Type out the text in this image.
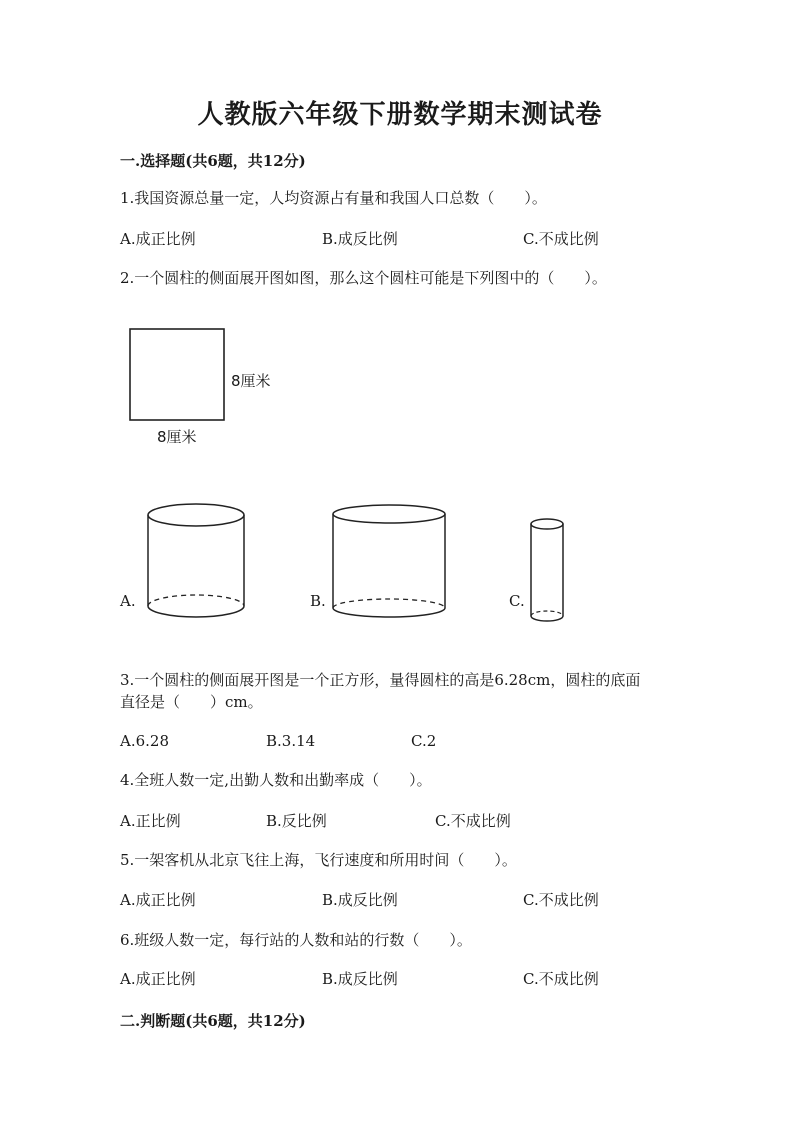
人教版六年级下册数学期末测试卷
一.选择题(共6题，共12分)
1.我国资源总量一定，人均资源占有量和我国人口总数（　　）。
A.成正比例	B.成反比例	C.不成比例
2.一个圆柱的侧面展开图如图，那么这个圆柱可能是下列图中的（　　）。
8厘米
8厘米
A.	B.	C.
3.一个圆柱的侧面展开图是一个正方形，量得圆柱的高是6.28cm，圆柱的底面
直径是（　　）cm。
A.6.28	B.3.14	C.2
4.全班人数一定,出勤人数和出勤率成（　　）。
A.正比例	B.反比例	C.不成比例
5.一架客机从北京飞往上海，飞行速度和所用时间（　　）。
A.成正比例	B.成反比例	C.不成比例
6.班级人数一定，每行站的人数和站的行数（　　）。
A.成正比例	B.成反比例	C.不成比例
二.判断题(共6题，共12分)
